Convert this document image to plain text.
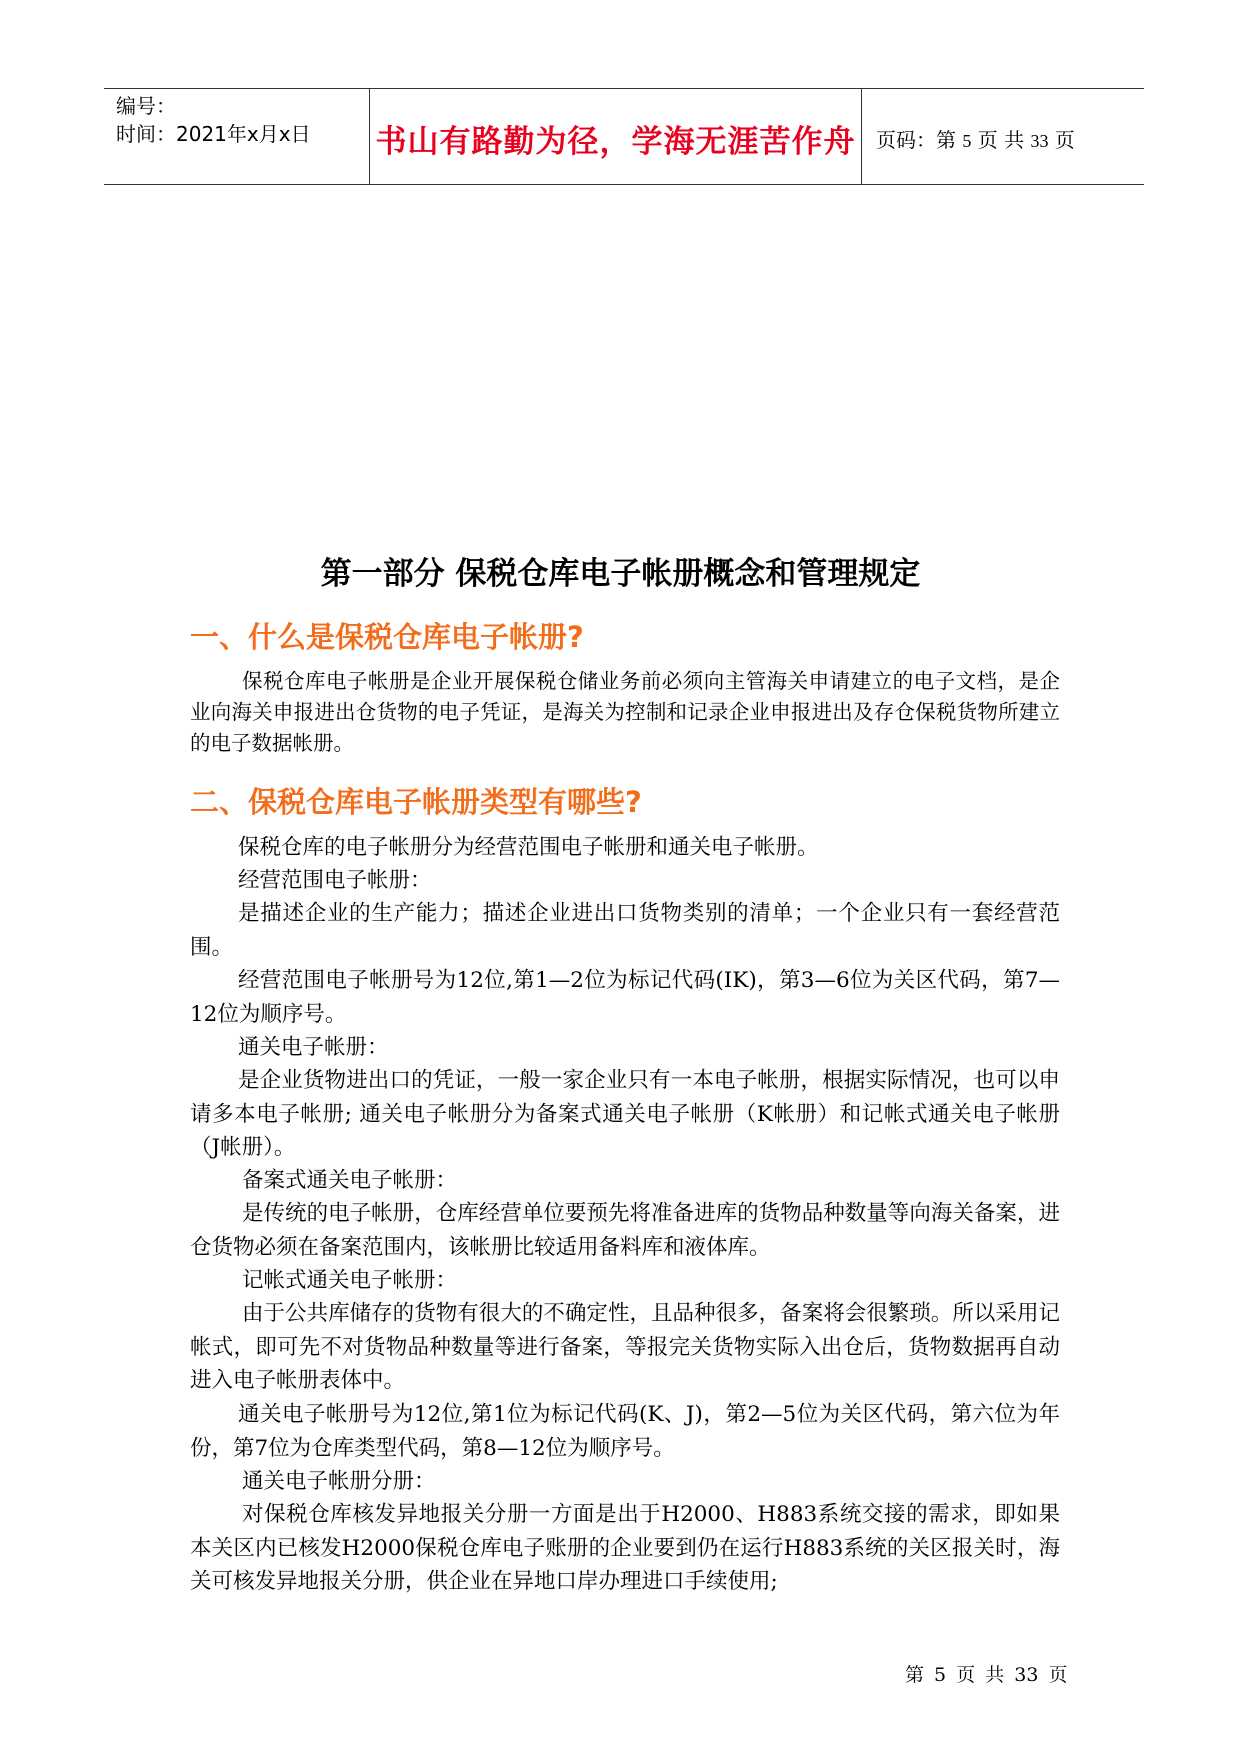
编号：
时间：2021年x月x日 书山有路勤为径，学海无涯苦作舟 页码：第 5 页 共 33 页
第一部分 保税仓库电子帐册概念和管理规定
一、什么是保税仓库电子帐册?

保税仓库电子帐册是企业开展保税仓储业务前必须向主管海关申请建立的电子文档，是企业向海关申报进出仓货物的电子凭证，是海关为控制和记录企业申报进出及存仓保税货物所建立的电子数据帐册。

二、保税仓库电子帐册类型有哪些?

保税仓库的电子帐册分为经营范围电子帐册和通关电子帐册。

经营范围电子帐册：

是描述企业的生产能力；描述企业进出口货物类别的清单；一个企业只有一套经营范围。

经营范围电子帐册号为12位,第1—2位为标记代码(IK)，第3—6位为关区代码，第7—12位为顺序号。

通关电子帐册：

是企业货物进出口的凭证，一般一家企业只有一本电子帐册，根据实际情况，也可以申请多本电子帐册; 通关电子帐册分为备案式通关电子帐册（K帐册）和记帐式通关电子帐册（J帐册）。

备案式通关电子帐册：

是传统的电子帐册，仓库经营单位要预先将准备进库的货物品种数量等向海关备案，进仓货物必须在备案范围内，该帐册比较适用备料库和液体库。

记帐式通关电子帐册：

由于公共库储存的货物有很大的不确定性，且品种很多，备案将会很繁琐。所以采用记帐式，即可先不对货物品种数量等进行备案，等报完关货物实际入出仓后，货物数据再自动进入电子帐册表体中。

通关电子帐册号为12位,第1位为标记代码(K、J)，第2—5位为关区代码，第六位为年份，第7位为仓库类型代码，第8—12位为顺序号。

通关电子帐册分册：

对保税仓库核发异地报关分册一方面是出于H2000、H883系统交接的需求，即如果本关区内已核发H2000保税仓库电子账册的企业要到仍在运行H883系统的关区报关时，海关可核发异地报关分册，供企业在异地口岸办理进口手续使用;

第 5 页 共 33 页
